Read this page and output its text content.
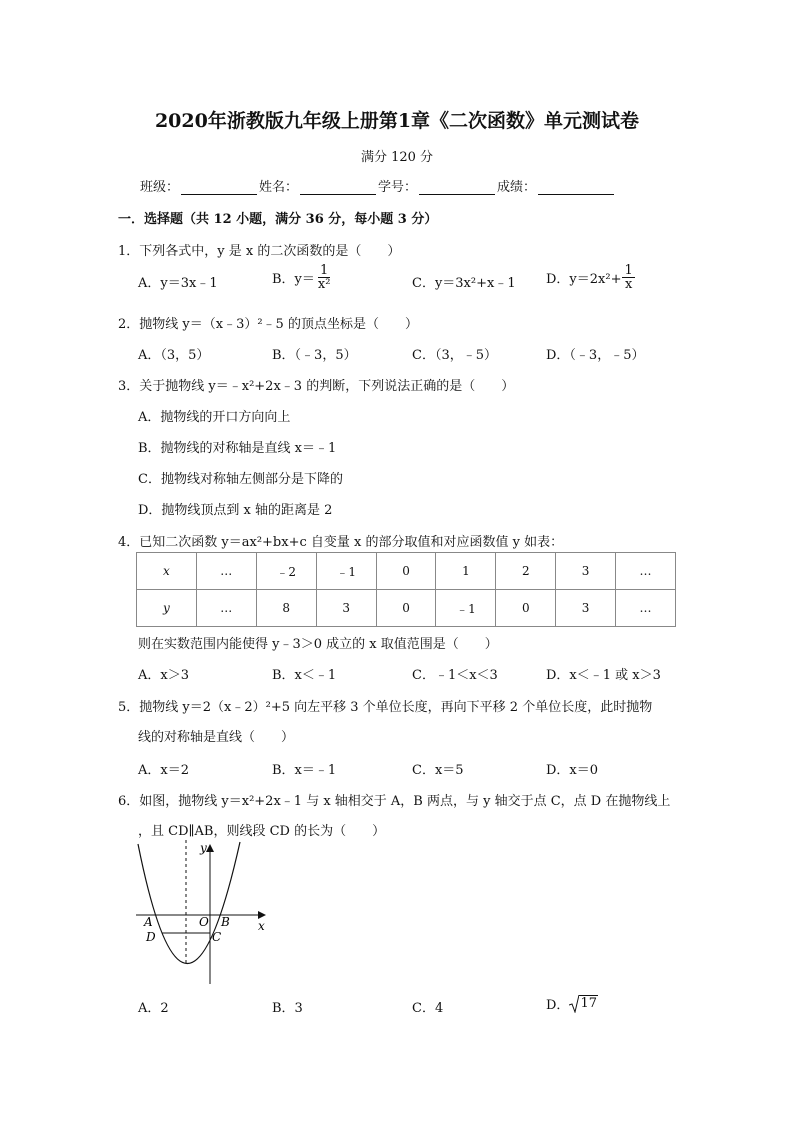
2020年浙教版九年级上册第1章《二次函数》单元测试卷
满分 120 分
班级：	姓名：	学号：	成绩：
一．选择题（共 12 小题，满分 36 分，每小题 3 分）
1．下列各式中，y 是 x 的二次函数的是（　　）
A．y＝3x﹣1	B．$y= \frac{1}{\text{x²}}$	C．y＝3x²+x﹣1 D．$y=2x^2+ \frac{1}{x}$
2．抛物线 y＝（x﹣3）²﹣5 的顶点坐标是（　　）
A．（3，5）	B．（﹣3，5）	C．（3，﹣5）	D．（﹣3，﹣5）
3．关于抛物线 y＝﹣x²+2x﹣3 的判断，下列说法正确的是（　　）
A．抛物线的开口方向向上
B．抛物线的对称轴是直线 x＝﹣1
C．抛物线对称轴左侧部分是下降的
D．抛物线顶点到 x 轴的距离是 2
4．已知二次函数 y＝ax²+bx+c 自变量 x 的部分取值和对应函数值 y 如表：
x	…	﹣2	﹣1	0	1	2	3	…
y	…	8	3	0	﹣1	0	3	…
则在实数范围内能使得 y﹣3＞0 成立的 x 取值范围是（　　）
A．x＞3	B．x＜﹣1	C．﹣1＜x＜3	D．x＜﹣1 或 x＞3
5．抛物线 y＝2（x﹣2）²+5 向左平移 3 个单位长度，再向下平移 2 个单位长度，此时抛物
线的对称轴是直线（　　）
A．x＝2	B．x＝﹣1	C．x＝5	D．x＝0
6．如图，抛物线 y＝x²+2x﹣1 与 x 轴相交于 A，B 两点，与 y 轴交于点 C，点 D 在抛物线上
，且 CD∥AB，则线段 CD 的长为（　　）
y
x
A	O B
D	C
A．2	B．3	C．4	D． 17
